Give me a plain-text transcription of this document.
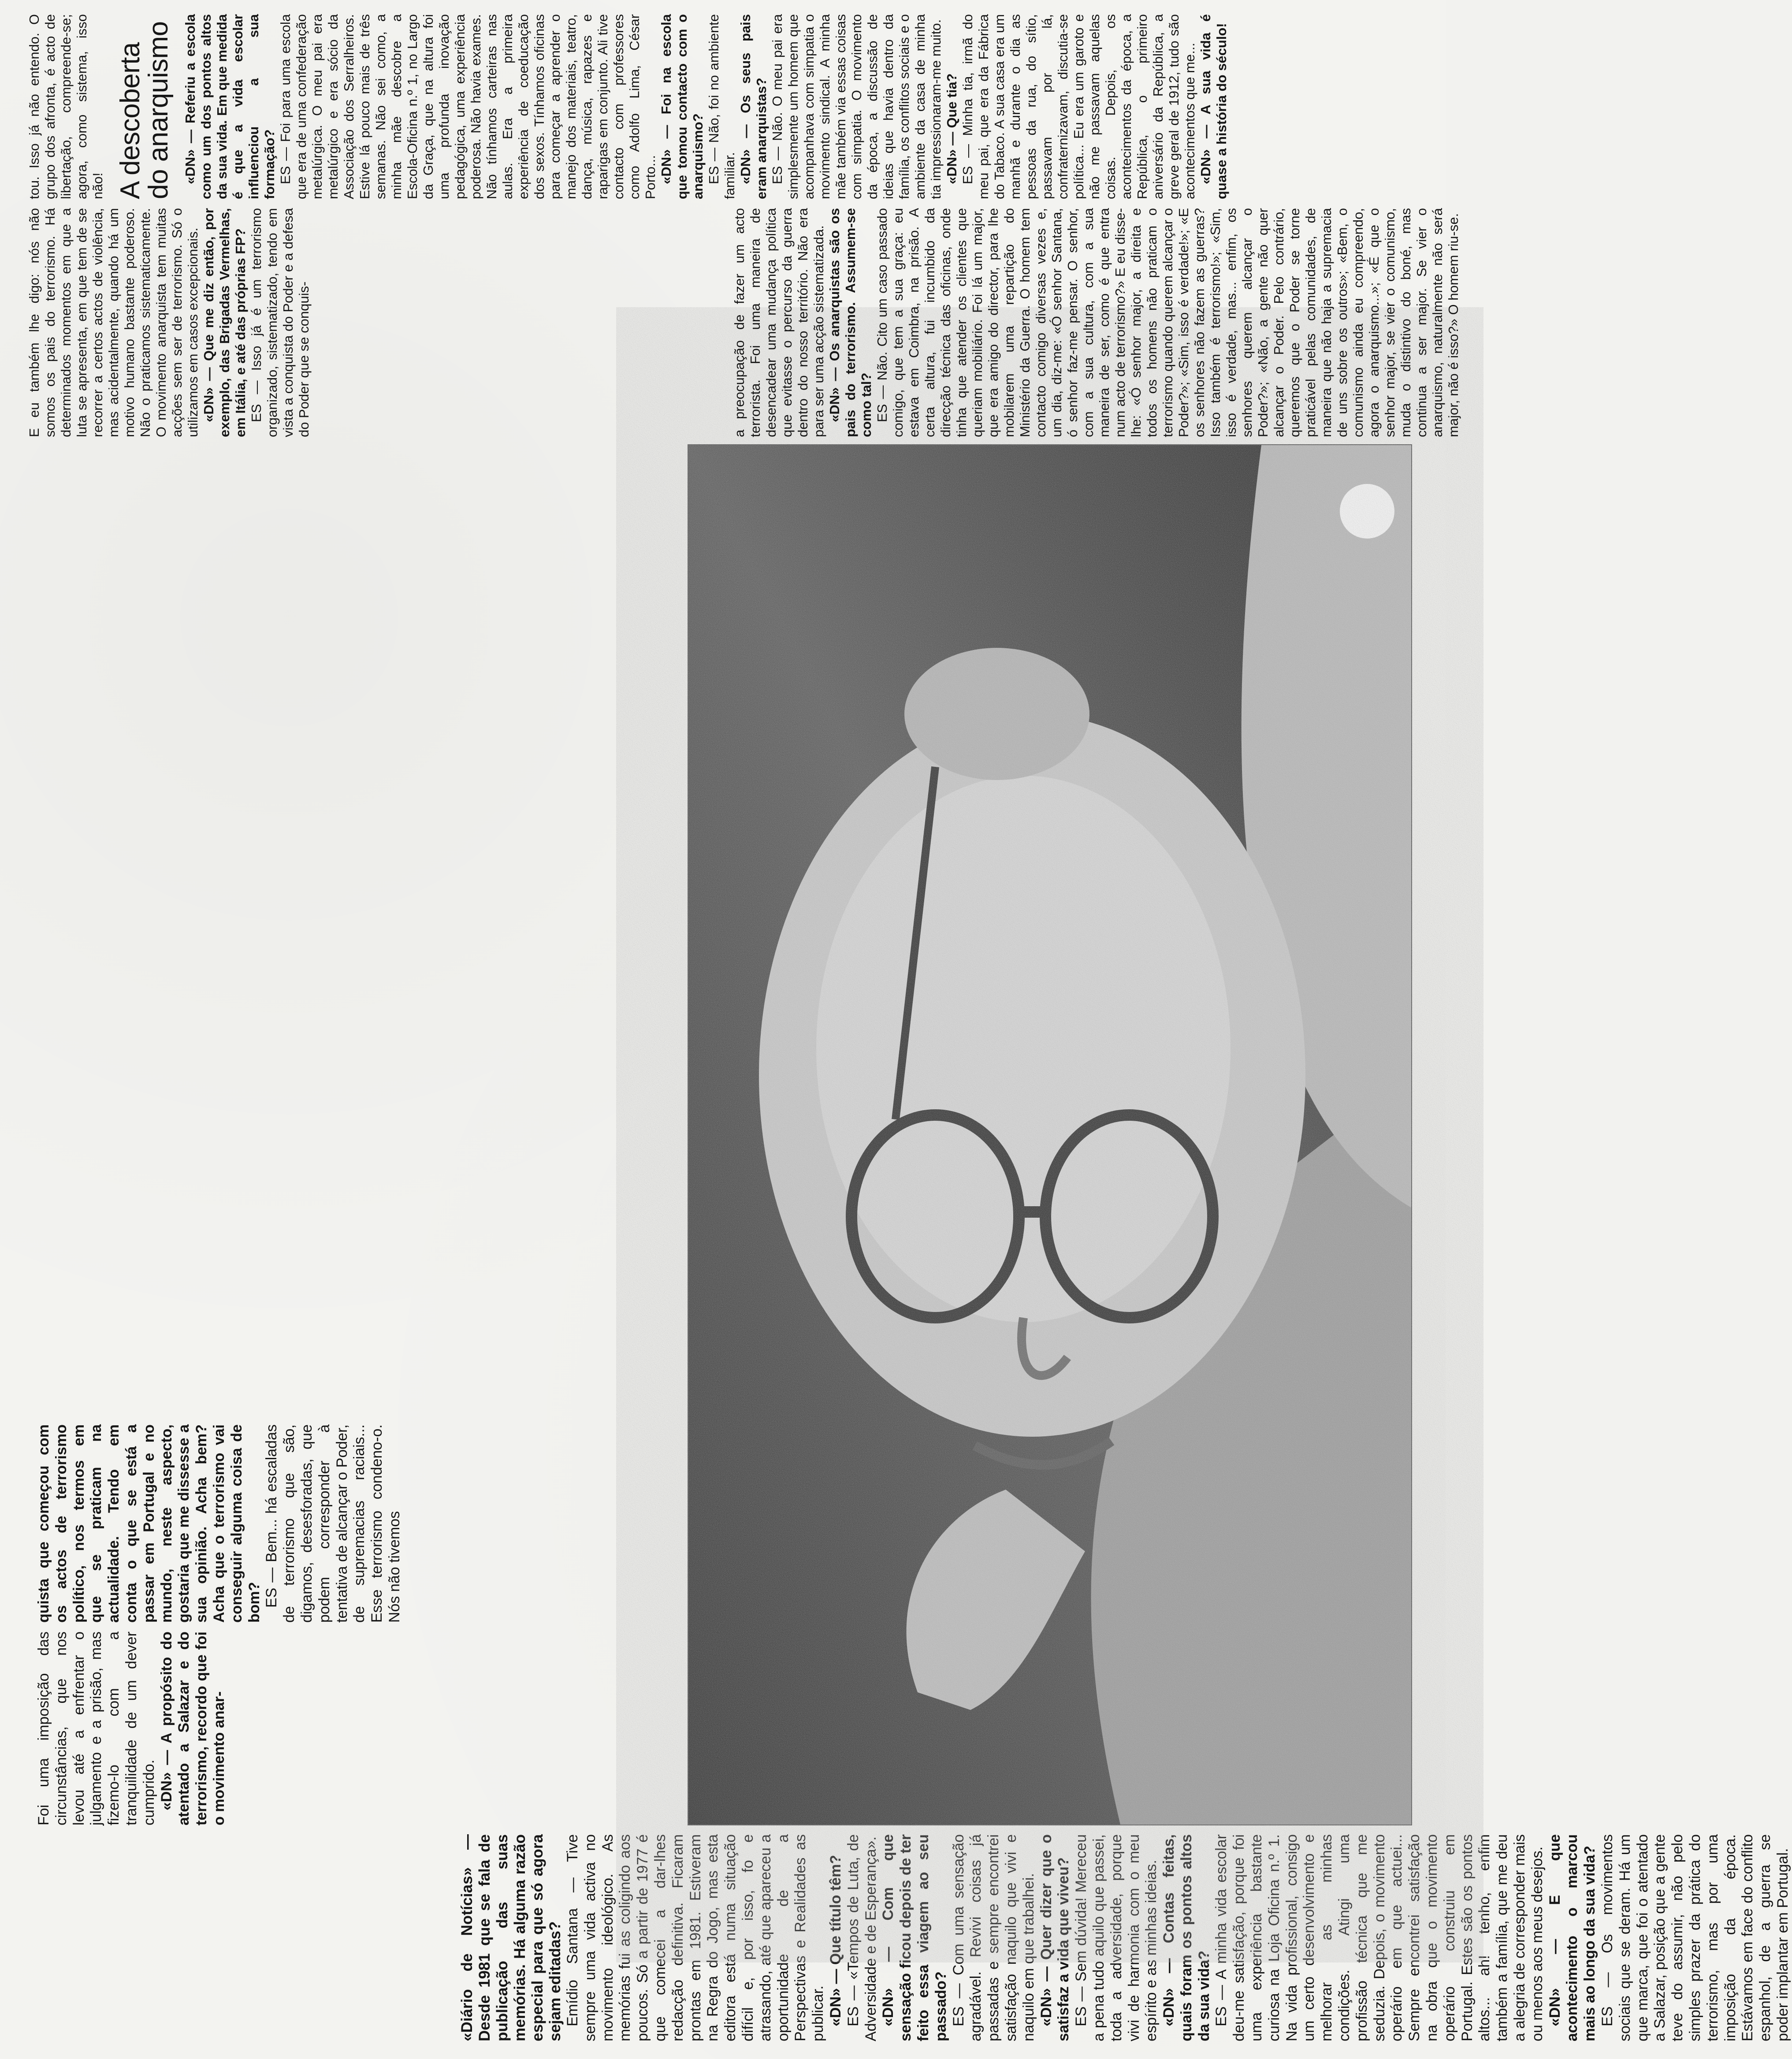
«Diário de Notícias» — Desde 1981 que se fala de publicação das suas memórias. Há alguma razão especial para que só agora sejam editadas? Emídio Santana — Tive sempre uma vida activa no movimento ideológico. As memórias fui as coligindo aos poucos. Só a partir de 1977 é que comecei a dar-lhes redacção definitiva. Ficaram prontas em 1981. Estiveram na Regra do Jogo, mas esta editora está numa situação difícil e, por isso, fo e atrasando, até que apareceu a oportunidade de a Perspectivas e Realidades as publicar. «DN» — Que título têm? ES — «Tempos de Luta, de Adversidade e de Esperança». «DN» — Com que sensação ficou depois de ter feito essa viagem ao seu passado? ES — Com uma sensação agradável. Revivi coisas já passadas e sempre encontrei satisfação naquilo que vivi e naquilo em que trabalhei. «DN» — Quer dizer que o satisfaz a vida que viveu? ES — Sem dúvida! Mereceu a pena tudo aquilo que passei, toda a adversidade, porque vivi de harmonia com o meu espírito e as minhas ideias. «DN» — Contas feitas, quais foram os pontos altos da sua vida? ES — A minha vida escolar deu-me satisfação, porque foi uma experiência bastante curiosa na Loja Oficina n.º 1. Na vida profissional, consigo um certo desenvolvimento e melhorar as minhas condições. Atingi uma profissão técnica que me seduzia. Depois, o movimento operário em que actuei... Sempre encontrei satisfação na obra que o movimento operário construiu em Portugal. Estes são os pontos altos... ah! tenho, enfim também a família, que me deu a alegria de corresponder mais ou menos aos meus desejos. «DN» — E que acontecimento o marcou mais ao longo da sua vida? ES — Os movimentos sociais que se deram. Há um que marca, que foi o atentado a Salazar, posição que a gente teve do assumir, não pelo simples prazer da prática do terrorismo, mas por uma imposição da época. Estávamos em face do conflito espanhol, de a guerra se poder implantar em Portugal.

Foi uma imposição das circunstâncias, que nos levou até a enfrentar o julgamento e a prisão, mas fizemo-lo com a tranquilidade de um dever cumprido. «DN» — A propósito do atentado a Salazar e do terrorismo, recordo que foi o movimento anar-

quista que começou com os actos de terrorismo político, nos termos em que se praticam na actualidade. Tendo em conta o que se está a passar em Portugal e no mundo, neste aspecto, gostaria que me dissesse a sua opinião. Acha bem? Acha que o terrorismo vai conseguir alguma coisa de bom? ES — Bem... há escaladas de terrorismo que são, digamos, desesforadas, que podem corresponder à tentativa de alcançar o Poder, de supremacias raciais... Esse terrorismo condeno-o. Nós não tivemos

a preocupação de fazer um acto terrorista. Foi uma maneira de desencadear uma mudança política que evitasse o percurso da guerra dentro do nosso território. Não era para ser uma acção sistematizada. «DN» — Os anarquistas são os pais do terrorismo. Assumem-se como tal? ES — Não. Cito um caso passado comigo, que tem a sua graça: eu estava em Coimbra, na prisão. A certa altura, fui incumbido da direcção técnica das oficinas, onde tinha que atender os clientes que queriam mobiliário. Foi lá um major, que era amigo do director, para lhe mobilarem uma repartição do Ministério da Guerra. O homem tem contacto comigo diversas vezes e, um dia, diz-me: «Ó senhor Santana, ó senhor faz-me pensar. O senhor, com a sua cultura, com a sua maneira de ser, como é que entra num acto de terrorismo?» E eu disse-lhe: «Ó senhor major, a direita e todos os homens não praticam o terrorismo quando querem alcançar o Poder?»; «Sim, isso é verdade!»; «E os senhores não fazem as guerras? Isso também é terrorismo!»; «Sim, isso é verdade, mas... enfim, os senhores querem alcançar o Poder?»; «Não, a gente não quer alcançar o Poder. Pelo contrário, queremos que o Poder se torne praticável pelas comunidades, de maneira que não haja a supremacia de uns sobre os outros»; «Bem, o comunismo ainda eu compreendo, agora o anarquismo...»; «É que o senhor major, se vier o comunismo, muda o distintivo do boné, mas continua a ser major. Se vier o anarquismo, naturalmente não será major, não é isso?» O homem riu-se.

E eu também lhe digo: nós não somos os pais do terrorismo. Há determinados momentos em que a luta se apresenta, em que tem de se recorrer a certos actos de violência, mas acidentalmente, quando há um motivo humano bastante poderoso. Não o praticamos sistematicamente. O movimento anarquista tem muitas acções sem ser de terrorismo. Só o utilizamos em casos excepcionais. «DN» — Que me diz então, por exemplo, das Brigadas Vermelhas, em Itália, e até das próprias FP? ES — Isso já é um terrorismo organizado, sistematizado, tendo em vista a conquista do Poder e a defesa do Poder que se conquis-

tou. Isso já não entendo. O grupo dos afronta, é acto de libertação, compreende-se; agora, como sistema, isso não! A descoberta
do anarquismo «DN» — Referiu a escola como um dos pontos altos da sua vida. Em que medida é que a vida escolar influenciou a sua formação? ES — Foi para uma escola que era de uma confederação metalúrgica. O meu pai era metalúrgico e era sócio da Associação dos Serralheiros. Estive lá pouco mais de três semanas. Não sei como, a minha mãe descobre a Escola-Oficina n.º 1, no Largo da Graça, que na altura foi uma profunda inovação pedagógica, uma experiência poderosa. Não havia exames. Não tínhamos carteiras nas aulas. Era a primeira experiência de coeducação dos sexos. Tínhamos oficinas para começar a aprender o manejo dos materiais, teatro, dança, música, rapazes e raparigas em conjunto. Ali tive contacto com professores como Adolfo Lima, César Porto... «DN» — Foi na escola que tomou contacto com o anarquismo? ES — Não, foi no ambiente familiar. «DN» — Os seus pais eram anarquistas? ES — Não. O meu pai era simplesmente um homem que acompanhava com simpatia o movimento sindical. A minha mãe também via essas coisas com simpatia. O movimento da época, a discussão de ideias que havia dentro da família, os conflitos sociais e o ambiente da casa de minha tia impressionaram-me muito. «DN» — Que tia? ES — Minha tia, irmã do meu pai, que era da Fábrica do Tabaco. A sua casa era um manhã e durante o dia as pessoas da rua, do sítio, passavam por lá, confraternizavam, discutia-se política... Eu era um garoto e não me passavam aquelas coisas. Depois, os acontecimentos da época, a República, o primeiro aniversário da República, a greve geral de 1912, tudo são acontecimentos que me... «DN» — A sua vida é quase a história do século!
